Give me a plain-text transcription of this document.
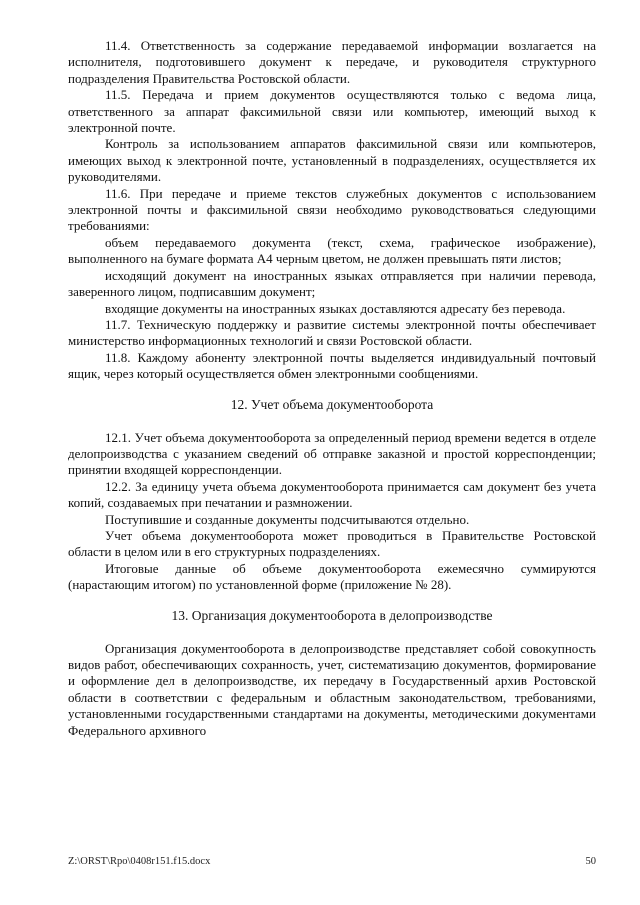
11.4. Ответственность за содержание передаваемой информации возлагается на исполнителя, подготовившего документ к передаче, и руководителя структурного подразделения Правительства Ростовской области.

11.5. Передача и прием документов осуществляются только с ведома лица, ответственного за аппарат факсимильной связи или компьютер, имеющий выход к электронной почте.

Контроль за использованием аппаратов факсимильной связи или компьютеров, имеющих выход к электронной почте, установленный в подразделениях, осуществляется их руководителями.

11.6. При передаче и приеме текстов служебных документов с использованием электронной почты и факсимильной связи необходимо руководствоваться следующими требованиями:

объем передаваемого документа (текст, схема, графическое изображение), выполненного на бумаге формата А4 черным цветом, не должен превышать пяти листов;

исходящий документ на иностранных языках отправляется при наличии перевода, заверенного лицом, подписавшим документ;

входящие документы на иностранных языках доставляются адресату без перевода.

11.7. Техническую поддержку и развитие системы электронной почты обеспечивает министерство информационных технологий и связи Ростовской области.

11.8. Каждому абоненту электронной почты выделяется индивидуальный почтовый ящик, через который осуществляется обмен электронными сообщениями.

12. Учет объема документооборота

12.1. Учет объема документооборота за определенный период времени ведется в отделе делопроизводства с указанием сведений об отправке заказной и простой корреспонденции; принятии входящей корреспонденции.

12.2. За единицу учета объема документооборота принимается сам документ без учета копий, создаваемых при печатании и размножении.

Поступившие и созданные документы подсчитываются отдельно.

Учет объема документооборота может проводиться в Правительстве Ростовской области в целом или в его структурных подразделениях.

Итоговые данные об объеме документооборота ежемесячно суммируются (нарастающим итогом) по установленной форме (приложение № 28).

13. Организация документооборота в делопроизводстве

Организация документооборота в делопроизводстве представляет собой совокупность видов работ, обеспечивающих сохранность, учет, систематизацию документов, формирование и оформление дел в делопроизводстве, их передачу в Государственный архив Ростовской области в соответствии с федеральным и областным законодательством, требованиями, установленными государственными стандартами на документы, методическими документами Федерального архивного

Z:\ORST\Rpo\0408r151.f15.docx	50
